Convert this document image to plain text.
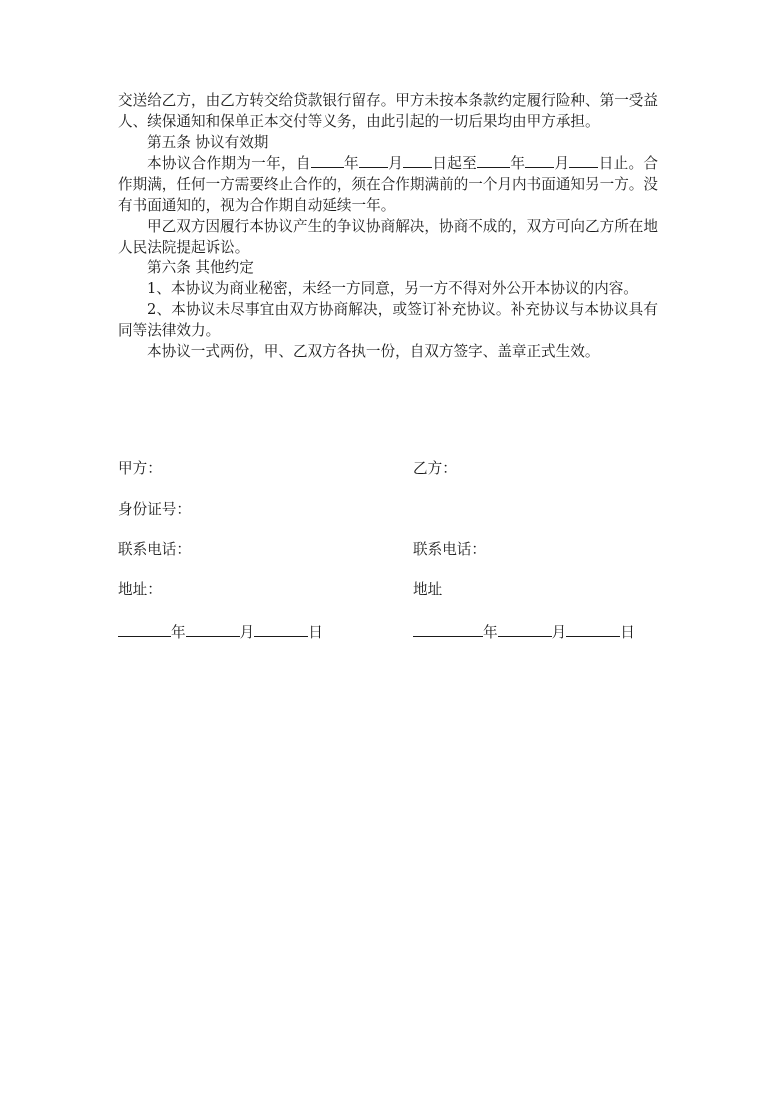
交送给乙方，由乙方转交给贷款银行留存。甲方未按本条款约定履行险种、第一受益人、续保通知和保单正本交付等义务，由此引起的一切后果均由甲方承担。

第五条 协议有效期

本协议合作期为一年，自 年 月 日起至 年 月 日止。合作期满，任何一方需要终止合作的，须在合作期满前的一个月内书面通知另一方。没有书面通知的，视为合作期自动延续一年。

甲乙双方因履行本协议产生的争议协商解决，协商不成的，双方可向乙方所在地人民法院提起诉讼。

第六条 其他约定

1、本协议为商业秘密，未经一方同意，另一方不得对外公开本协议的内容。

2、本协议未尽事宜由双方协商解决，或签订补充协议。补充协议与本协议具有同等法律效力。

本协议一式两份，甲、乙双方各执一份，自双方签字、盖章正式生效。

甲方：	乙方：
身份证号：
联系电话：	联系电话：
地址：	地址
年	月	日	年	月	日
